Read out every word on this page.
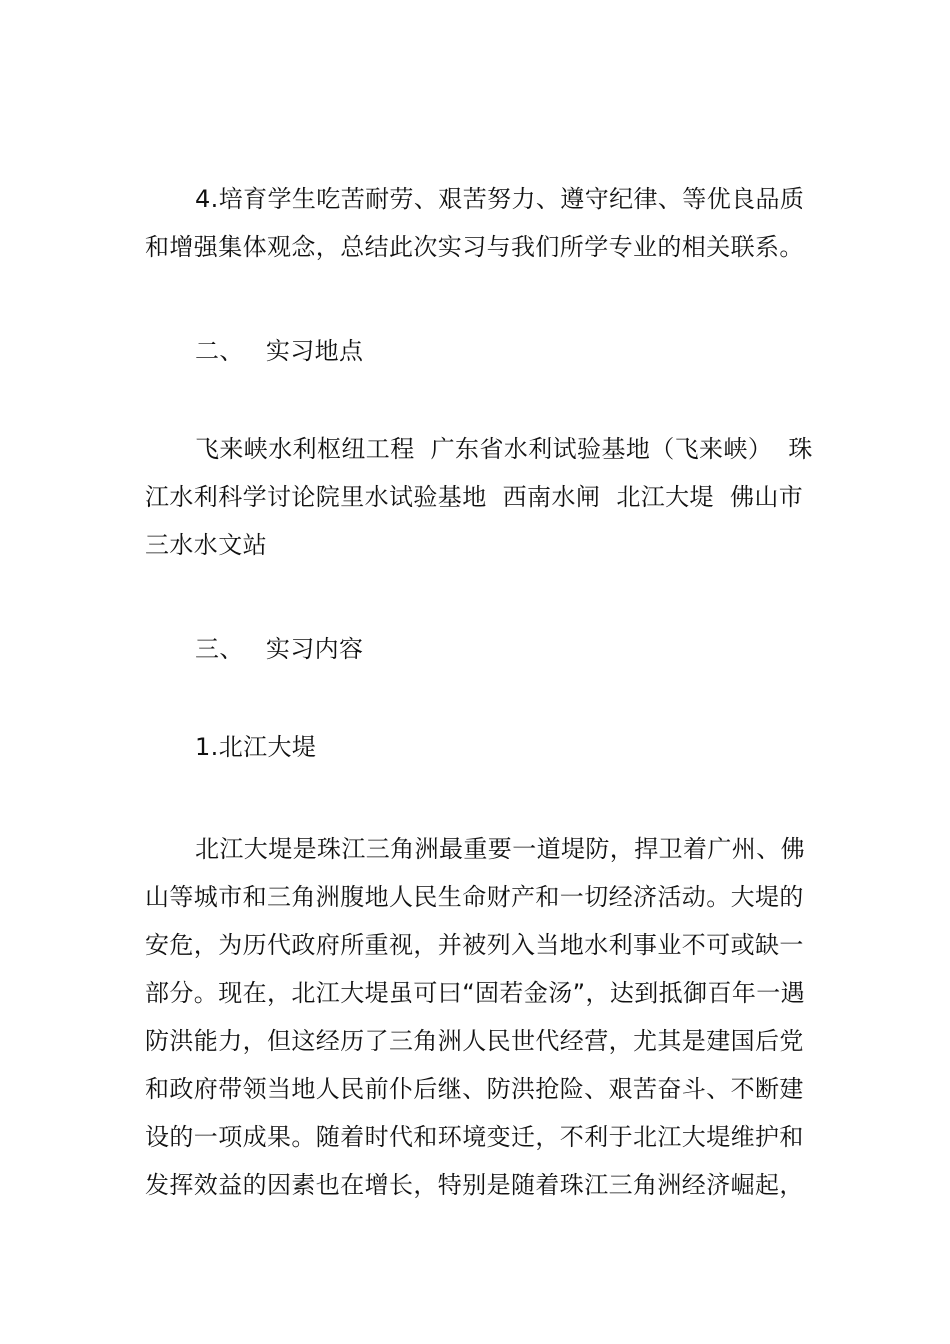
4.培育学生吃苦耐劳、艰苦努力、遵守纪律、等优良品质和增强集体观念，总结此次实习与我们所学专业的相关联系。

二、 实习地点

飞来峡水利枢纽工程  广东省水利试验基地（飞来峡）  珠江水利科学讨论院里水试验基地  西南水闸  北江大堤  佛山市三水水文站

三、 实习内容
1.北江大堤

北江大堤是珠江三角洲最重要一道堤防，捍卫着广州、佛山等城市和三角洲腹地人民生命财产和一切经济活动。大堤的安危，为历代政府所重视，并被列入当地水利事业不可或缺一部分。现在，北江大堤虽可曰“固若金汤”，达到抵御百年一遇防洪能力，但这经历了三角洲人民世代经营，尤其是建国后党和政府带领当地人民前仆后继、防洪抢险、艰苦奋斗、不断建设的一项成果。随着时代和环境变迁，不利于北江大堤维护和发挥效益的因素也在增长，特别是随着珠江三角洲经济崛起，
